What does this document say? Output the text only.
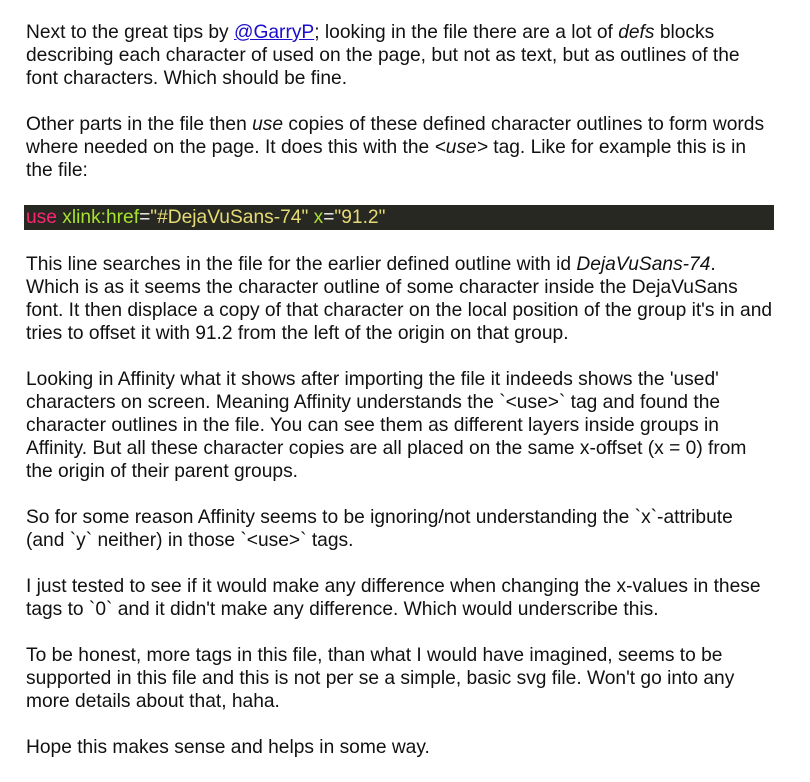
Next to the great tips by @GarryP; looking in the file there are a lot of defs blocks describing each character of used on the page, but not as text, but as outlines of the font characters. Which should be fine.

Other parts in the file then use copies of these defined character outlines to form words where needed on the page. It does this with the <use> tag. Like for example this is in the file:

use xlink:href="#DejaVuSans-74" x="91.2"

This line searches in the file for the earlier defined outline with id DejaVuSans-74. Which is as it seems the character outline of some character inside the DejaVuSans font. It then displace a copy of that character on the local position of the group it's in and tries to offset it with 91.2 from the left of the origin on that group.

Looking in Affinity what it shows after importing the file it indeeds shows the 'used' characters on screen. Meaning Affinity understands the `<use>` tag and found the character outlines in the file. You can see them as different layers inside groups in Affinity. But all these character copies are all placed on the same x-offset (x = 0) from the origin of their parent groups.

So for some reason Affinity seems to be ignoring/not understanding the `x`-attribute (and `y` neither) in those `<use>` tags.

I just tested to see if it would make any difference when changing the x-values in these tags to `0` and it didn't make any difference. Which would underscribe this.

To be honest, more tags in this file, than what I would have imagined, seems to be supported in this file and this is not per se a simple, basic svg file. Won't go into any more details about that, haha.

Hope this makes sense and helps in some way.
